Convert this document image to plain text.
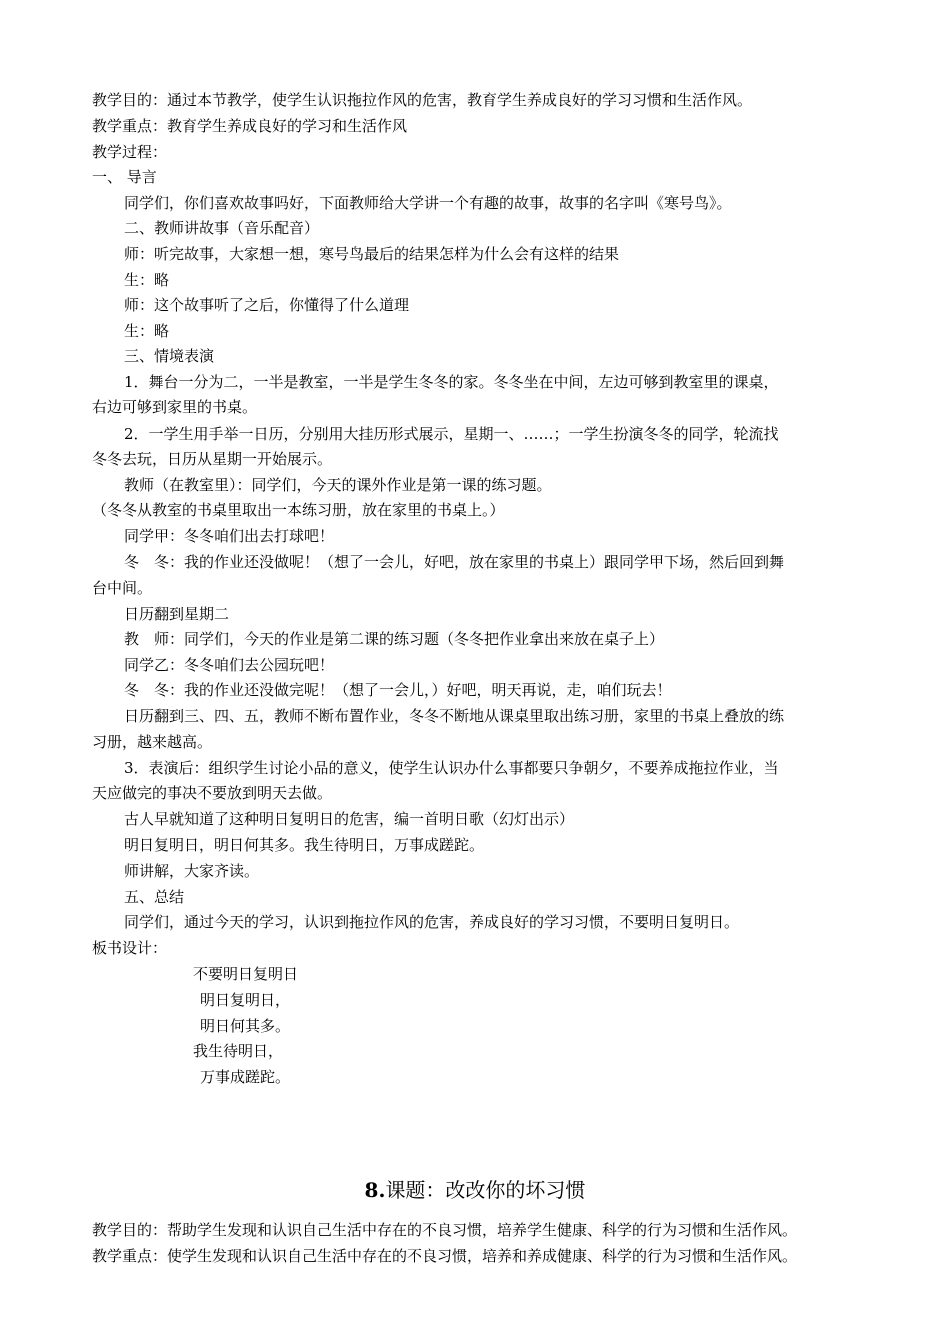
教学目的：通过本节教学，使学生认识拖拉作风的危害，教育学生养成良好的学习习惯和生活作风。
教学重点：教育学生养成良好的学习和生活作风
教学过程：
一、 导言
同学们，你们喜欢故事吗好，下面教师给大学讲一个有趣的故事，故事的名字叫《寒号鸟》。
二、教师讲故事（音乐配音）
师：听完故事，大家想一想，寒号鸟最后的结果怎样为什么会有这样的结果
生：略
师：这个故事听了之后，你懂得了什么道理
生：略
三、情境表演
1．舞台一分为二，一半是教室，一半是学生冬冬的家。冬冬坐在中间，左边可够到教室里的课桌，
右边可够到家里的书桌。
2．一学生用手举一日历，分别用大挂历形式展示，星期一、……；一学生扮演冬冬的同学，轮流找
冬冬去玩，日历从星期一开始展示。
教师（在教室里）：同学们，今天的课外作业是第一课的练习题。
（冬冬从教室的书桌里取出一本练习册，放在家里的书桌上。）
同学甲：冬冬咱们出去打球吧！
冬　冬：我的作业还没做呢！（想了一会儿，好吧，放在家里的书桌上）跟同学甲下场，然后回到舞
台中间。
日历翻到星期二
教　师：同学们，今天的作业是第二课的练习题（冬冬把作业拿出来放在桌子上）
同学乙：冬冬咱们去公园玩吧！
冬　冬：我的作业还没做完呢！（想了一会儿，）好吧，明天再说，走，咱们玩去！
日历翻到三、四、五，教师不断布置作业，冬冬不断地从课桌里取出练习册，家里的书桌上叠放的练
习册，越来越高。
3．表演后：组织学生讨论小品的意义，使学生认识办什么事都要只争朝夕，不要养成拖拉作业，当
天应做完的事决不要放到明天去做。
古人早就知道了这种明日复明日的危害，编一首明日歌（幻灯出示）
明日复明日，明日何其多。我生待明日，万事成蹉跎。
师讲解，大家齐读。
五、总结
同学们，通过今天的学习，认识到拖拉作风的危害，养成良好的学习习惯，不要明日复明日。
板书设计：
不要明日复明日
明日复明日，
明日何其多。
我生待明日，
万事成蹉跎。
8.课题：改改你的坏习惯
教学目的：帮助学生发现和认识自己生活中存在的不良习惯，培养学生健康、科学的行为习惯和生活作风。
教学重点：使学生发现和认识自己生活中存在的不良习惯，培养和养成健康、科学的行为习惯和生活作风。
